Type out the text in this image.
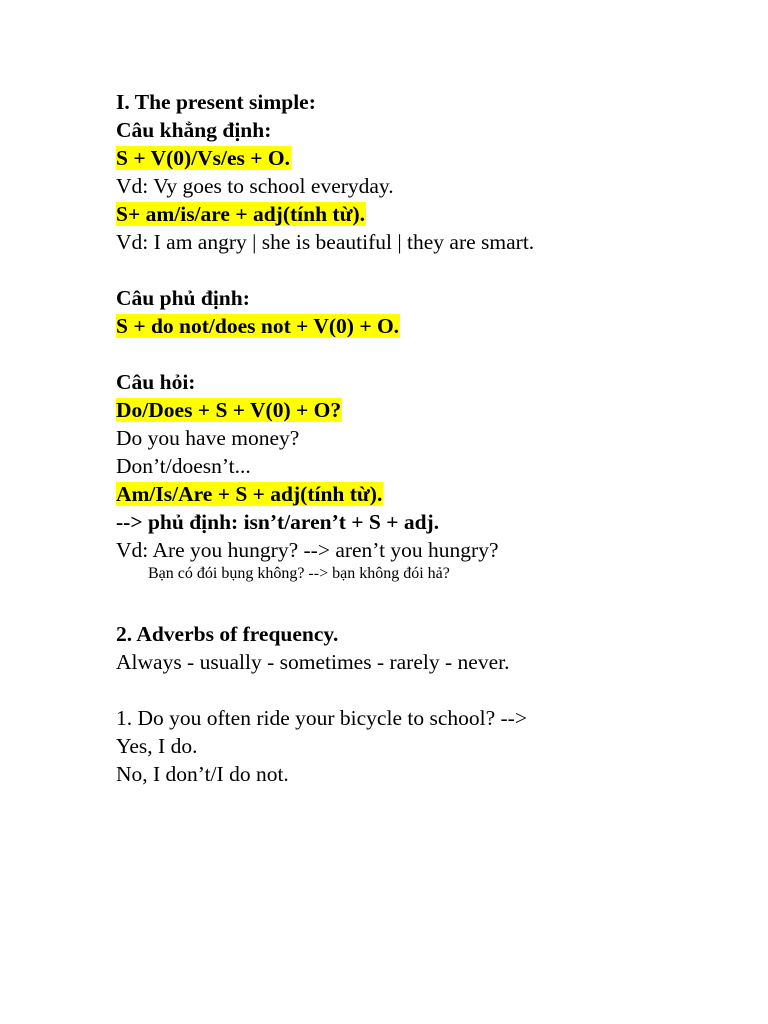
I. The present simple:
Câu khẳng định:
S + V(0)/Vs/es + O.
Vd: Vy goes to school everyday.
S+ am/is/are + adj(tính từ).
Vd: I am angry | she is beautiful | they are smart.
Câu phủ định:
S + do not/does not + V(0) + O.
Câu hỏi:
Do/Does + S + V(0) + O?
Do you have money?
Don’t/doesn’t...
Am/Is/Are + S + adj(tính từ).
--> phủ định: isn’t/aren’t + S + adj.
Vd: Are you hungry? --> aren’t you hungry?
Bạn có đói bụng không? --> bạn không đói hả?
2. Adverbs of frequency.
Always - usually - sometimes - rarely - never.
1. Do you often ride your bicycle to school? -->
Yes, I do.
No, I don’t/I do not.
